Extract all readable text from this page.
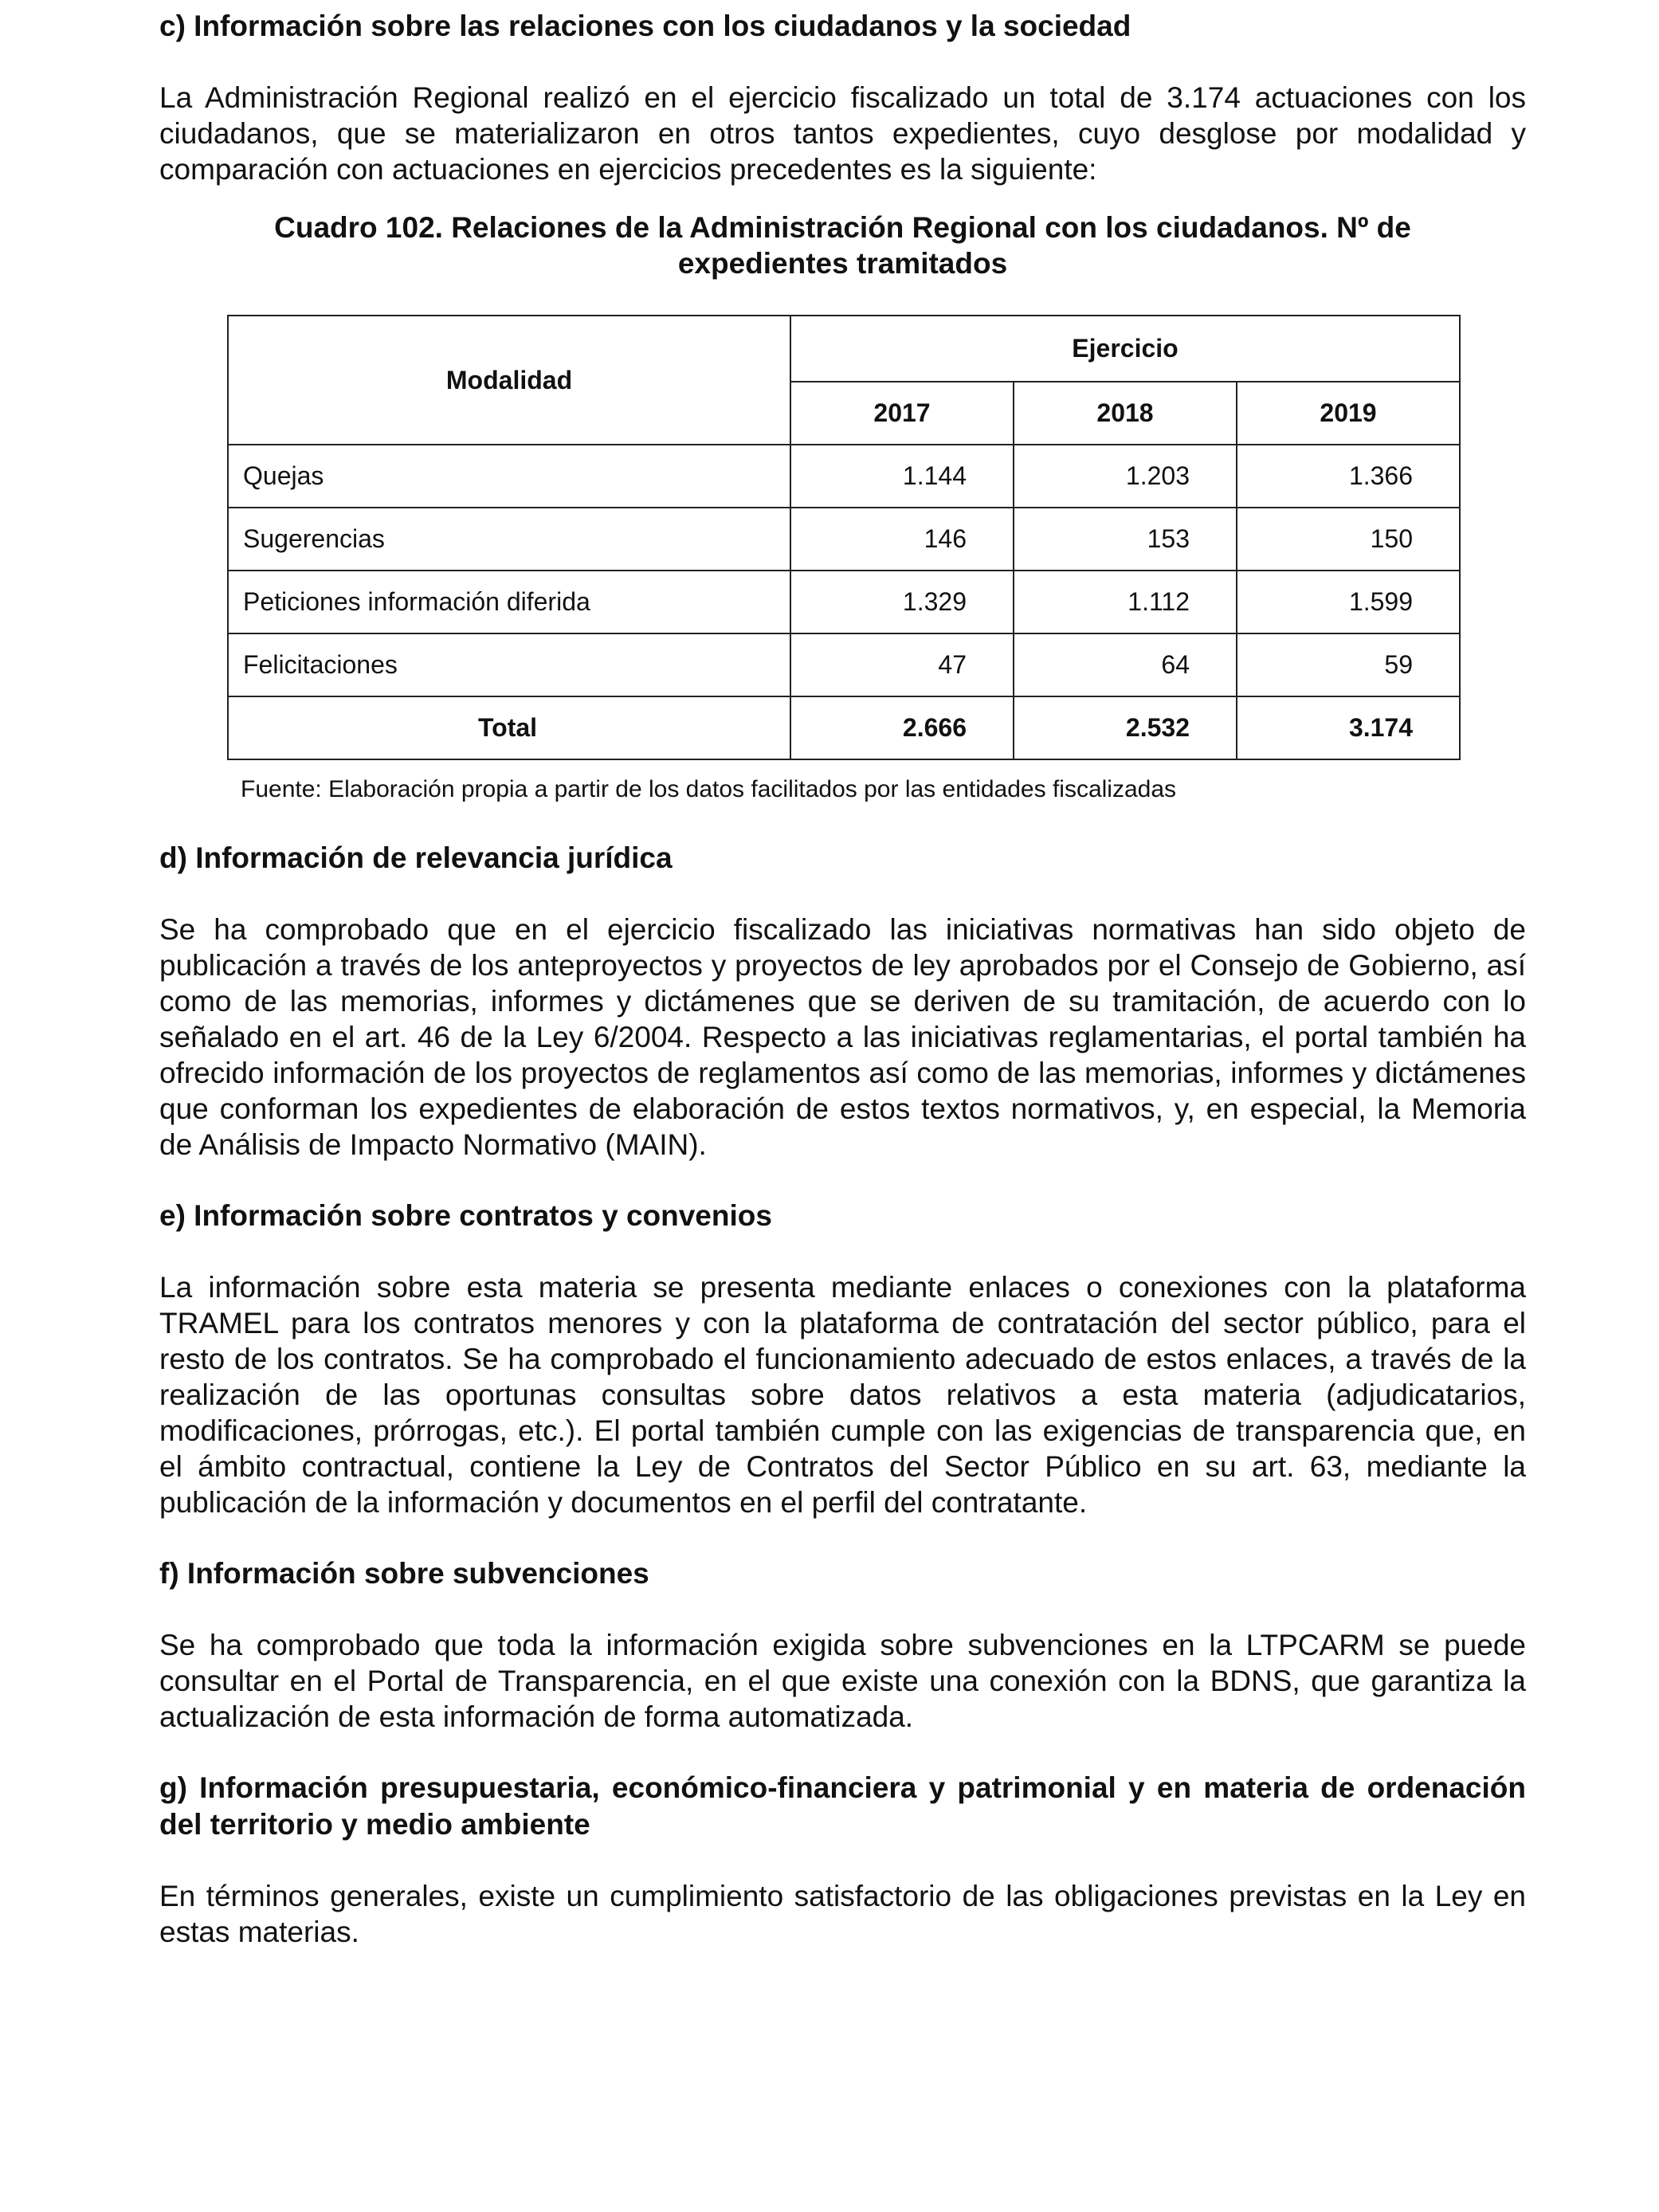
c) Información sobre las relaciones con los ciudadanos y la sociedad

La Administración Regional realizó en el ejercicio fiscalizado un total de 3.174 actuaciones con los ciudadanos, que se materializaron en otros tantos expedientes, cuyo desglose por modalidad y comparación con actuaciones en ejercicios precedentes es la siguiente:

Cuadro 102. Relaciones de la Administración Regional con los ciudadanos. Nº de

expedientes tramitados

Modalidad	Ejercicio		
	2017	2018	2019
Quejas	1.144	1.203	1.366
Sugerencias	146	153	150
Peticiones información diferida	1.329	1.112	1.599
Felicitaciones	47	64	59
Total	2.666	2.532	3.174

Fuente: Elaboración propia a partir de los datos facilitados por las entidades fiscalizadas

d) Información de relevancia jurídica

Se ha comprobado que en el ejercicio fiscalizado las iniciativas normativas han sido objeto de publicación a través de los anteproyectos y proyectos de ley aprobados por el Consejo de Gobierno, así como de las memorias, informes y dictámenes que se deriven de su tramitación, de acuerdo con lo señalado en el art. 46 de la Ley 6/2004. Respecto a las iniciativas reglamentarias, el portal también ha ofrecido información de los proyectos de reglamentos así como de las memorias, informes y dictámenes que conforman los expedientes de elaboración de estos textos normativos, y, en especial, la Memoria de Análisis de Impacto Normativo (MAIN).

e) Información sobre contratos y convenios

La información sobre esta materia se presenta mediante enlaces o conexiones con la plataforma TRAMEL para los contratos menores y con la plataforma de contratación del sector público, para el resto de los contratos. Se ha comprobado el funcionamiento adecuado de estos enlaces, a través de la realización de las oportunas consultas sobre datos relativos a esta materia (adjudicatarios, modificaciones, prórrogas, etc.). El portal también cumple con las exigencias de transparencia que, en el ámbito contractual, contiene la Ley de Contratos del Sector Público en su art. 63, mediante la publicación de la información y documentos en el perfil del contratante.

f) Información sobre subvenciones

Se ha comprobado que toda la información exigida sobre subvenciones en la LTPCARM se puede consultar en el Portal de Transparencia, en el que existe una conexión con la BDNS, que garantiza la actualización de esta información de forma automatizada.

g) Información presupuestaria, económico-financiera y patrimonial y en materia de ordenación del territorio y medio ambiente

En términos generales, existe un cumplimiento satisfactorio de las obligaciones previstas en la Ley en estas materias.
